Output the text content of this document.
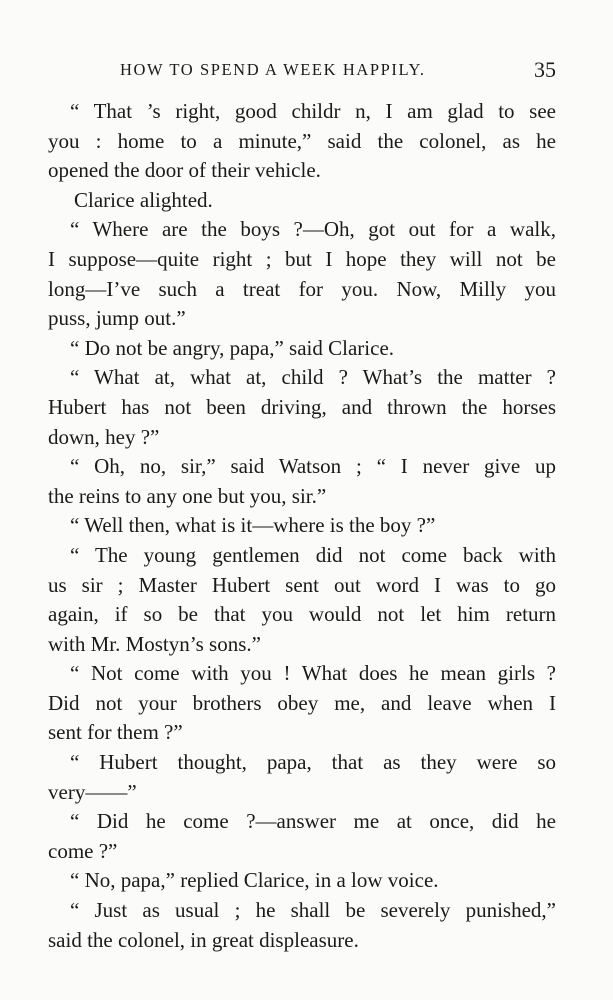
HOW TO SPEND A WEEK HAPPILY.	35
“ That ’s right, good childr n, I am glad to see
you : home to a minute,” said the colonel, as he
opened the door of their vehicle.
Clarice alighted.
“ Where are the boys ?—Oh, got out for a walk,
I suppose—quite right ; but I hope they will not be
long—I’ve such a treat for you. Now, Milly you
puss, jump out.”
“ Do not be angry, papa,” said Clarice.
“ What at, what at, child ? What’s the matter ?
Hubert has not been driving, and thrown the horses
down, hey ?”
“ Oh, no, sir,” said Watson ; “ I never give up
the reins to any one but you, sir.”
“ Well then, what is it—where is the boy ?”
“ The young gentlemen did not come back with
us sir ; Master Hubert sent out word I was to go
again, if so be that you would not let him return
with Mr. Mostyn’s sons.”
“ Not come with you ! What does he mean girls ?
Did not your brothers obey me, and leave when I
sent for them ?”
“ Hubert thought, papa, that as they were so
very——”
“ Did he come ?—answer me at once, did he
come ?”
“ No, papa,” replied Clarice, in a low voice.
“ Just as usual ; he shall be severely punished,”
said the colonel, in great displeasure.
